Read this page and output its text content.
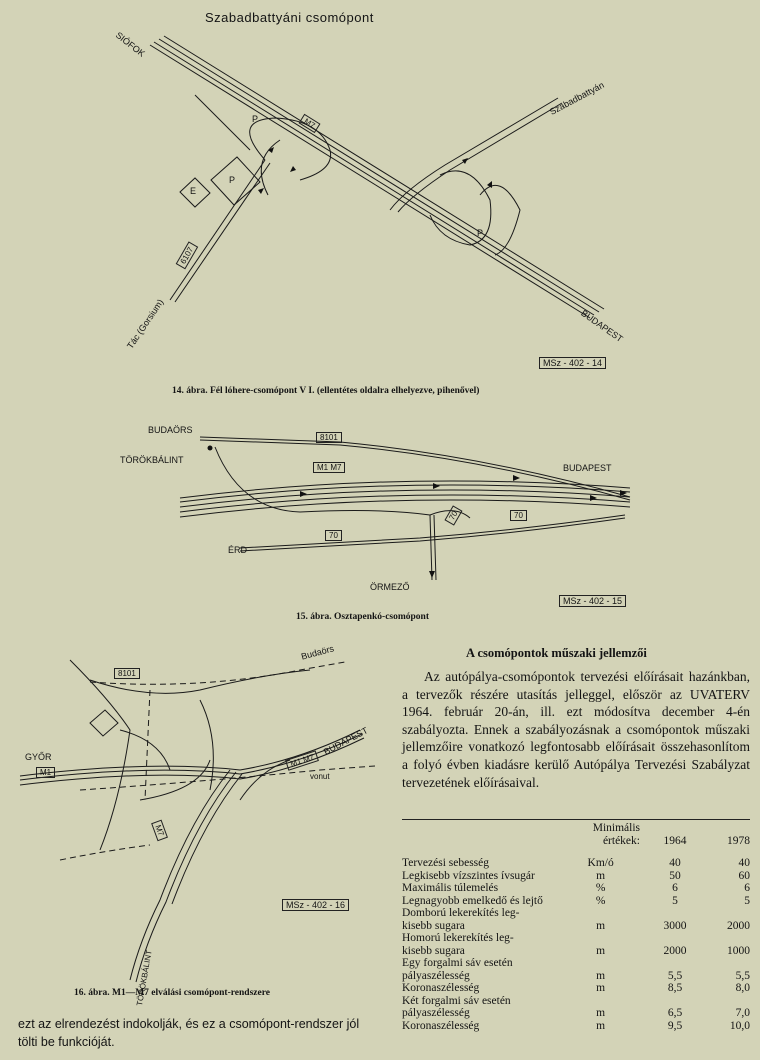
Szabadbattyáni csomópont
SIÓFOK
Szabadbattyán
BUDAPEST
Tác (Gorsium)
M7
6107
P
P
P
E
MSz - 402 - 14
14. ábra. Fél lóhere-csomópont V I. (ellentétes oldalra elhelyezve, pihenővel)
BUDAÖRS
TÖRÖKBÁLINT
BUDAPEST
ÉRD
ÖRMEZŐ
M1 M7
8101
70
70	70
MSz - 402 - 15
15. ábra. Osztapenkó-csomópont
Budaörs
GYŐR
BUDAPEST
vonut
TÖRÖKBÁLINT
8101
M1
M1 M7
M7
MSz - 402 - 16
16. ábra. M1—M7 elválási csomópont-rendszere
A csomópontok műszaki jellemzői

Az autópálya-csomópontok tervezési előírásait hazánkban, a tervezők részére utasítás jelleggel, először az UVATERV 1964. február 20-án, ill. ezt módosítva december 4-én szabályozta. Ennek a szabályozásnak a csomópontok műszaki jellemzőire vonatkozó legfontosabb előírásait összehasonlítom a folyó évben kiadásre kerülő Autópálya Tervezési Szabályzat tervezetének előírásaival.

	Minimális			
	értékek:		1964	1978

Tervezési sebesség	Km/ó		40	40
Legkisebb vízszintes ívsugár	m		50	60
Maximális túlemelés	%		6	6
Legnagyobb emelkedő és lejtő	%		5	5
Domború lekerekítés leg-				
kisebb sugara	m		3000	2000
Homorú lekerekítés leg-				
kisebb sugara	m		2000	1000
Egy forgalmi sáv esetén				
pályaszélesség	m		5,5	5,5
Koronaszélesség	m		8,5	8,0
Két forgalmi sáv esetén				
pályaszélesség	m		6,5	7,0
Koronaszélesség	m		9,5	10,0
ezt az elrendezést indokolják, és ez a csomópont-rendszer jól tölti be funkcióját.
